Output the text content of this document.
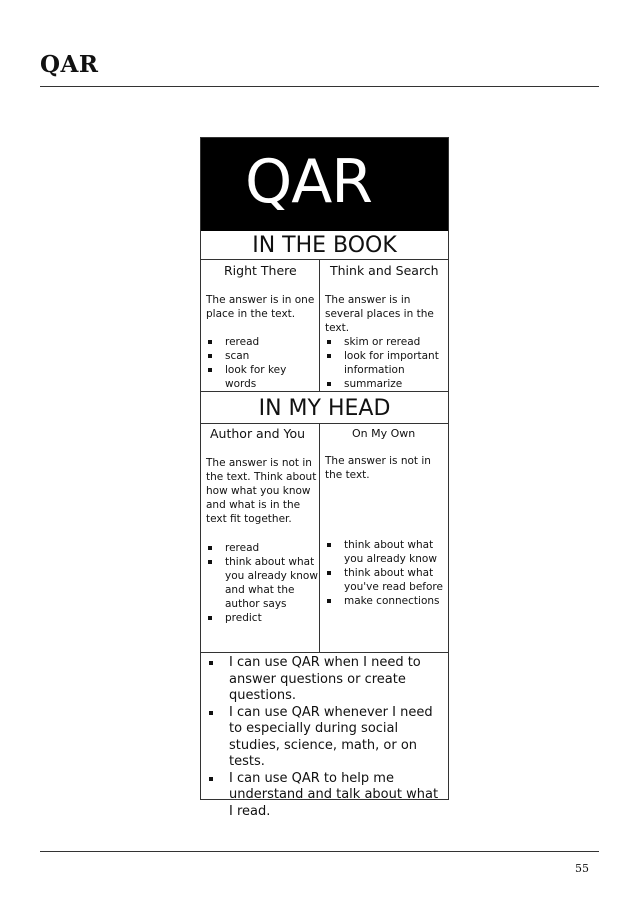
QAR
QAR
IN THE BOOK
Right There
The answer is in one place in the text.
reread
scan
look for key words
Think and Search
The answer is in several places in the text.
skim or reread
look for important information
summarize
IN MY HEAD
Author and You
The answer is not in the text. Think about how what you know and what is in the text fit together.
reread
think about what you already know and what the author says
predict
On My Own
The answer is not in the text.
think about what you already know
think about what you've read before
make connections
I can use QAR when I need to answer questions or create questions.
I can use QAR whenever I need to especially during social studies, science, math, or on tests.
I can use QAR to help me understand and talk about what I read.
55
